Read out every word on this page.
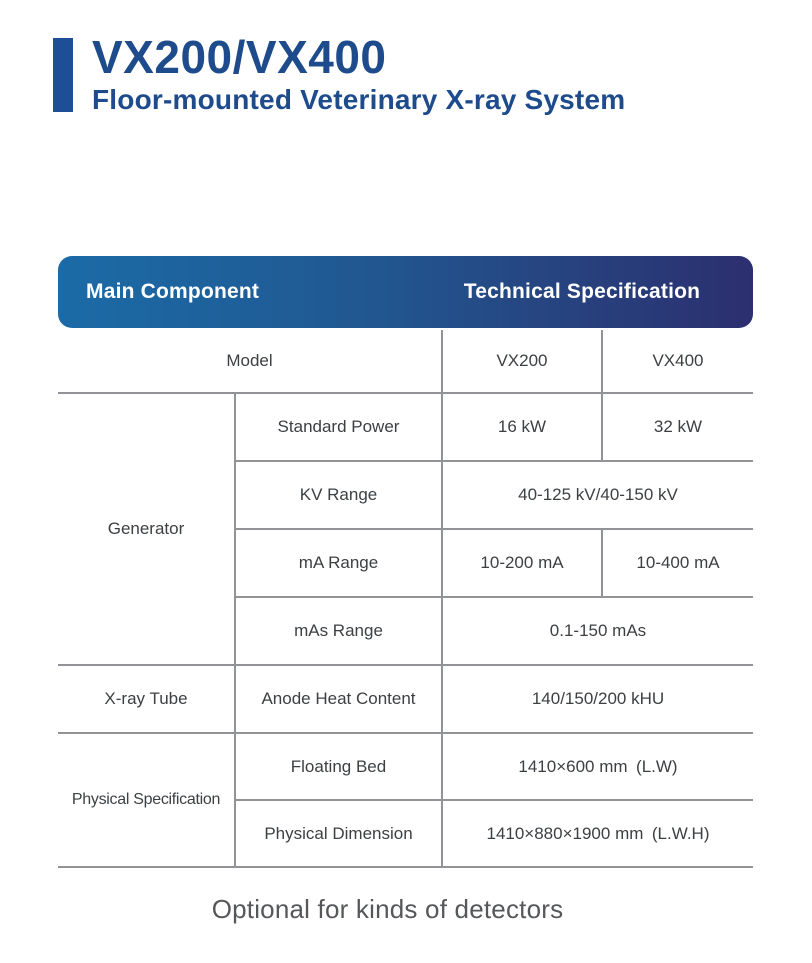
VX200/VX400
Floor-mounted Veterinary X-ray System
Main Component	Technical Specification
Model		VX200	VX400
Generator	Standard Power	16 kW	32 kW
	KV Range	40-125 kV/40-150 kV	
	mA Range	10-200 mA	10-400 mA
	mAs Range	0.1-150 mAs	
X-ray Tube	Anode Heat Content	140/150/200 kHU	
Physical Specification	Floating Bed	1410×600 mm (L.W)	
	Physical Dimension	1410×880×1900 mm (L.W.H)	
Optional for kinds of detectors
